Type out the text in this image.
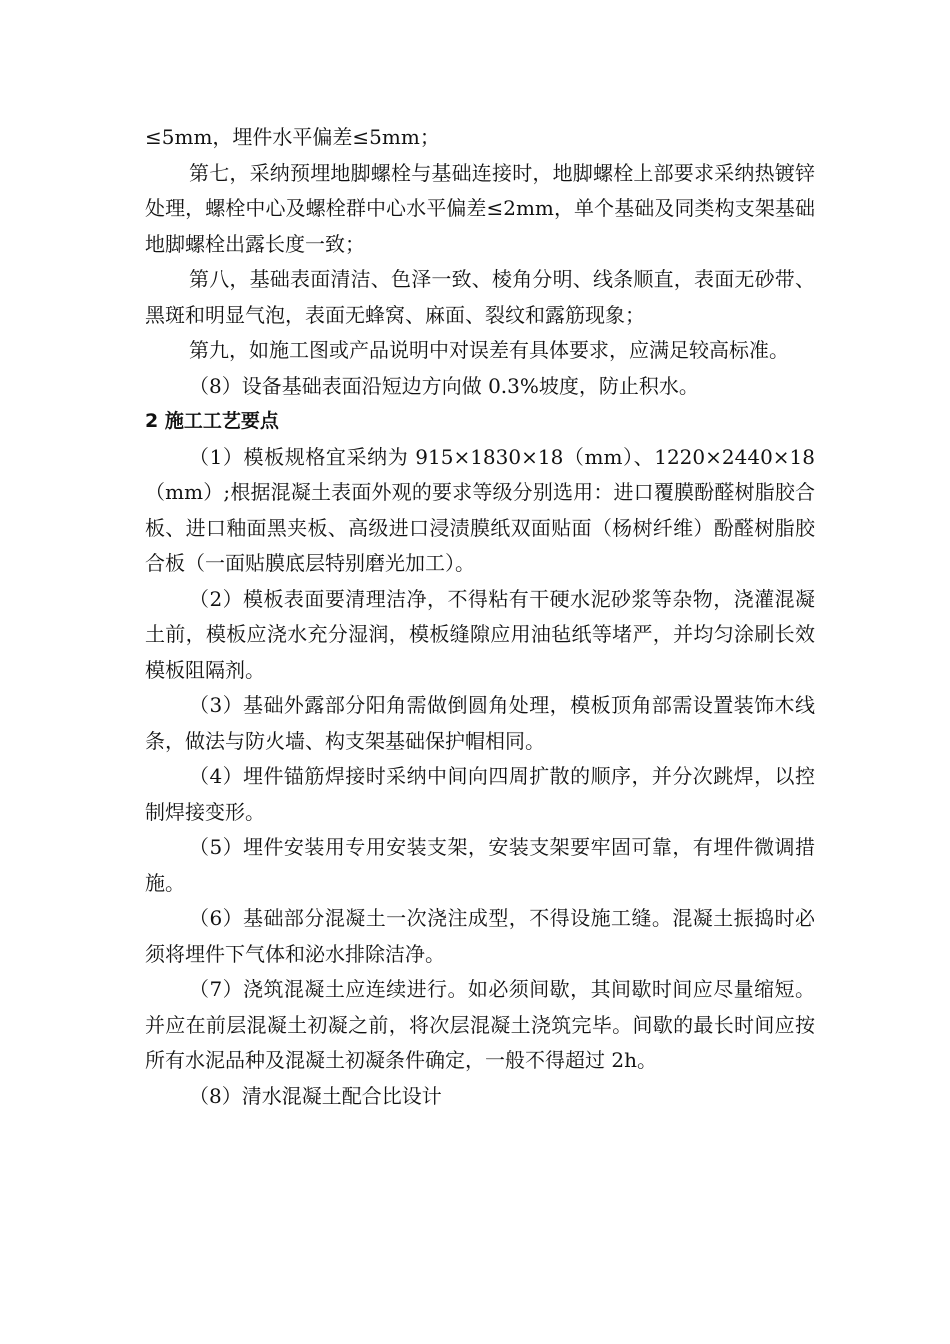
≤5mm，埋件水平偏差≤5mm；

第七，采纳预埋地脚螺栓与基础连接时，地脚螺栓上部要求采纳热镀锌处理，螺栓中心及螺栓群中心水平偏差≤2mm，单个基础及同类构支架基础地脚螺栓出露长度一致；

第八，基础表面清洁、色泽一致、棱角分明、线条顺直，表面无砂带、黑斑和明显气泡，表面无蜂窝、麻面、裂纹和露筋现象；

第九，如施工图或产品说明中对误差有具体要求，应满足较高标准。

（8）设备基础表面沿短边方向做 0.3%坡度，防止积水。

2 施工工艺要点

（1）模板规格宜采纳为 915×1830×18（mm）、1220×2440×18（mm）;根据混凝土表面外观的要求等级分别选用：进口覆膜酚醛树脂胶合板、进口釉面黑夹板、高级进口浸渍膜纸双面贴面（杨树纤维）酚醛树脂胶合板（一面贴膜底层特别磨光加工）。

（2）模板表面要清理洁净，不得粘有干硬水泥砂浆等杂物，浇灌混凝土前，模板应浇水充分湿润，模板缝隙应用油毡纸等堵严，并均匀涂刷长效模板阻隔剂。

（3）基础外露部分阳角需做倒圆角处理，模板顶角部需设置装饰木线条，做法与防火墙、构支架基础保护帽相同。

（4）埋件锚筋焊接时采纳中间向四周扩散的顺序，并分次跳焊，以控制焊接变形。

（5）埋件安装用专用安装支架，安装支架要牢固可靠，有埋件微调措施。

（6）基础部分混凝土一次浇注成型，不得设施工缝。混凝土振捣时必须将埋件下气体和泌水排除洁净。

（7）浇筑混凝土应连续进行。如必须间歇，其间歇时间应尽量缩短。并应在前层混凝土初凝之前，将次层混凝土浇筑完毕。间歇的最长时间应按所有水泥品种及混凝土初凝条件确定，一般不得超过 2h。

（8）清水混凝土配合比设计
